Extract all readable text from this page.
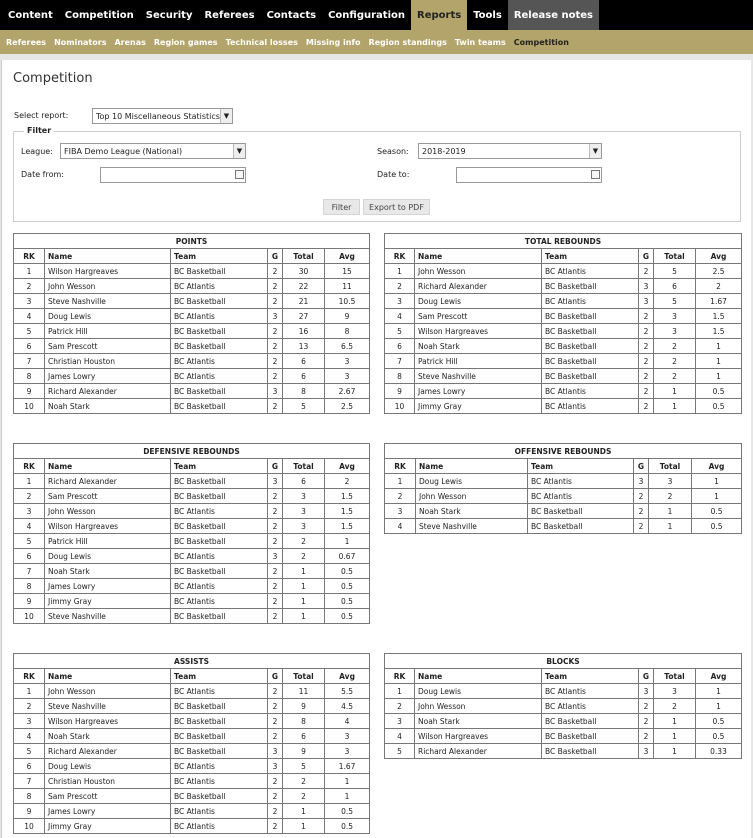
Content	Competition	Security	Referees	Contacts	Configuration	Reports	Tools	Release notes
Referees	Nominators	Arenas	Region games	Technical losses	Missing info	Region standings	Twin teams	Competition
Competition
Select report:	Top 10 Miscellaneous Statistics ▼
Filter
League: FIBA Demo League (National)	▼	Season: 2018-2019	▼
Date from:	Date to:
Filter	Export to PDF
POINTS					
RK	Name	Team	G	Total	Avg
1	Wilson Hargreaves	BC Basketball	2	30	15
2	John Wesson	BC Atlantis	2	22	11
3	Steve Nashville	BC Basketball	2	21	10.5
4	Doug Lewis	BC Atlantis	3	27	9
5	Patrick Hill	BC Basketball	2	16	8
6	Sam Prescott	BC Basketball	2	13	6.5
7	Christian Houston	BC Atlantis	2	6	3
8	James Lowry	BC Atlantis	2	6	3
9	Richard Alexander	BC Basketball	3	8	2.67
10	Noah Stark	BC Basketball	2	5	2.5
TOTAL REBOUNDS					
RK	Name	Team	G	Total	Avg
1	John Wesson	BC Atlantis	2	5	2.5
2	Richard Alexander	BC Basketball	3	6	2
3	Doug Lewis	BC Atlantis	3	5	1.67
4	Sam Prescott	BC Basketball	2	3	1.5
5	Wilson Hargreaves	BC Basketball	2	3	1.5
6	Noah Stark	BC Basketball	2	2	1
7	Patrick Hill	BC Basketball	2	2	1
8	Steve Nashville	BC Basketball	2	2	1
9	James Lowry	BC Atlantis	2	1	0.5
10	Jimmy Gray	BC Atlantis	2	1	0.5
DEFENSIVE REBOUNDS					
RK	Name	Team	G	Total	Avg
1	Richard Alexander	BC Basketball	3	6	2
2	Sam Prescott	BC Basketball	2	3	1.5
3	John Wesson	BC Atlantis	2	3	1.5
4	Wilson Hargreaves	BC Basketball	2	3	1.5
5	Patrick Hill	BC Basketball	2	2	1
6	Doug Lewis	BC Atlantis	3	2	0.67
7	Noah Stark	BC Basketball	2	1	0.5
8	James Lowry	BC Atlantis	2	1	0.5
9	Jimmy Gray	BC Atlantis	2	1	0.5
10	Steve Nashville	BC Basketball	2	1	0.5
OFFENSIVE REBOUNDS					
RK	Name	Team	G	Total	Avg
1	Doug Lewis	BC Atlantis	3	3	1
2	John Wesson	BC Atlantis	2	2	1
3	Noah Stark	BC Basketball	2	1	0.5
4	Steve Nashville	BC Basketball	2	1	0.5
ASSISTS					
RK	Name	Team	G	Total	Avg
1	John Wesson	BC Atlantis	2	11	5.5
2	Steve Nashville	BC Basketball	2	9	4.5
3	Wilson Hargreaves	BC Basketball	2	8	4
4	Noah Stark	BC Basketball	2	6	3
5	Richard Alexander	BC Basketball	3	9	3
6	Doug Lewis	BC Atlantis	3	5	1.67
7	Christian Houston	BC Atlantis	2	2	1
8	Sam Prescott	BC Basketball	2	2	1
9	James Lowry	BC Atlantis	2	1	0.5
10	Jimmy Gray	BC Atlantis	2	1	0.5
BLOCKS					
RK	Name	Team	G	Total	Avg
1	Doug Lewis	BC Atlantis	3	3	1
2	John Wesson	BC Atlantis	2	2	1
3	Noah Stark	BC Basketball	2	1	0.5
4	Wilson Hargreaves	BC Basketball	2	1	0.5
5	Richard Alexander	BC Basketball	3	1	0.33
